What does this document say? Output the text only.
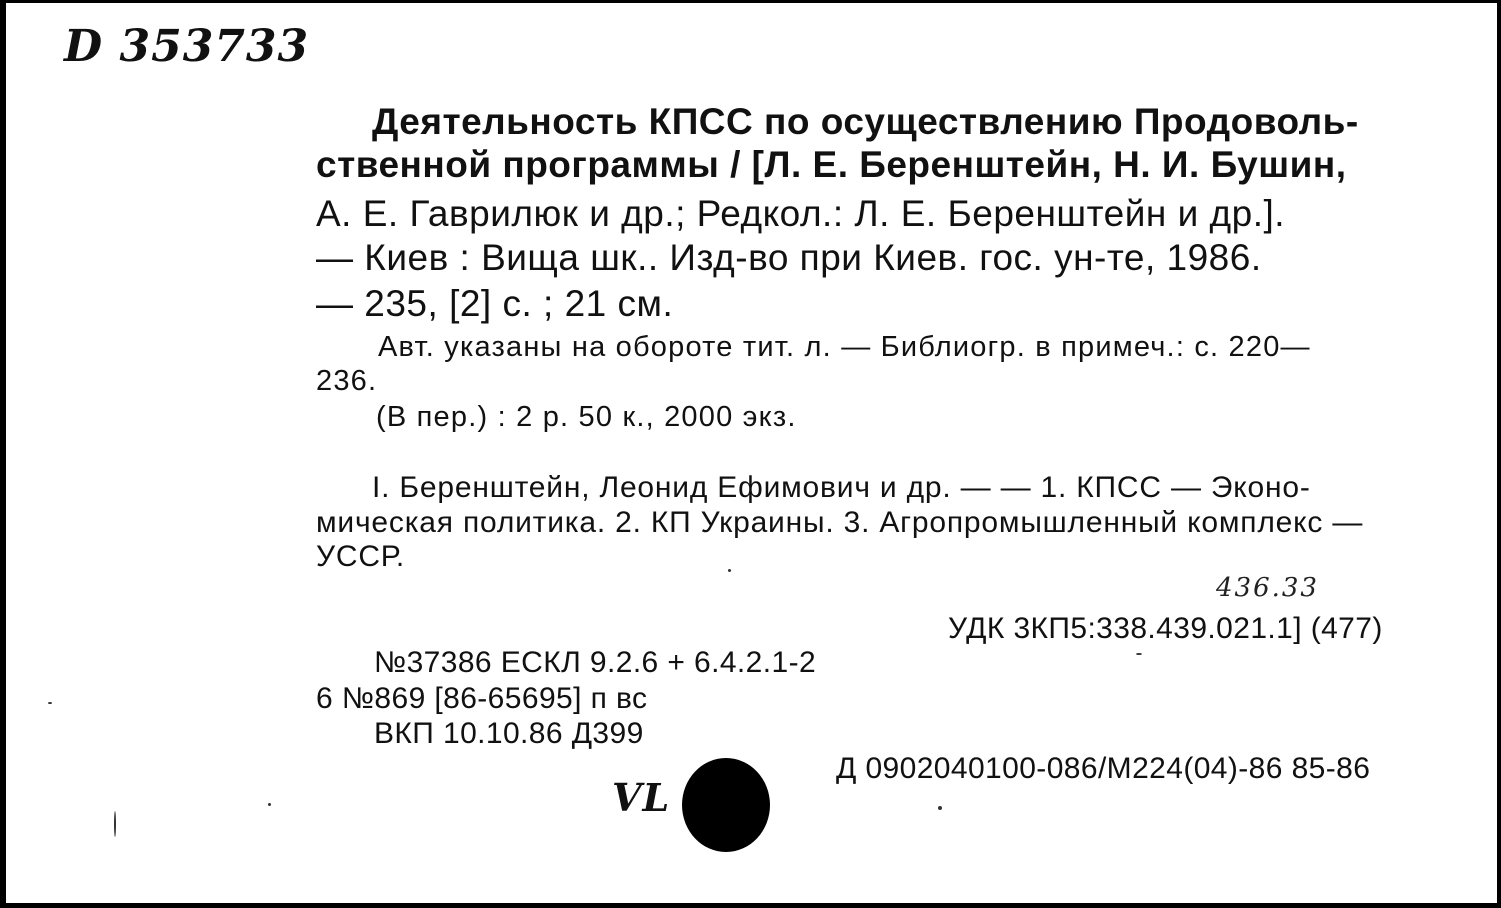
D 353733
Деятельность КПСС по осуществлению Продоволь-
ственной программы / [Л. Е. Беренштейн, Н. И. Бушин,
А. Е. Гаврилюк и др.; Редкол.: Л. Е. Беренштейн и др.].
— Киев : Вища шк.. Изд-во при Киев. гос. ун-те, 1986.
— 235, [2] с. ; 21 см.
Авт. указаны на обороте тит. л. — Библиогр. в примеч.: с. 220—
236.
(В пер.) : 2 р. 50 к., 2000 экз.
I. Беренштейн, Леонид Ефимович и др. — — 1. КПСС — Эконо-
мическая политика. 2. КП Украины. 3. Агропромышленный комплекс —
УССР.
436.33
УДК 3КП5:338.439.021.1] (477)
№37386 ЕСКЛ 9.2.6 + 6.4.2.1-2
6 №869 [86-65695] п вс
ВКП 10.10.86 Д399
Д 0902040100-086/М224(04)-86 85-86
VL
